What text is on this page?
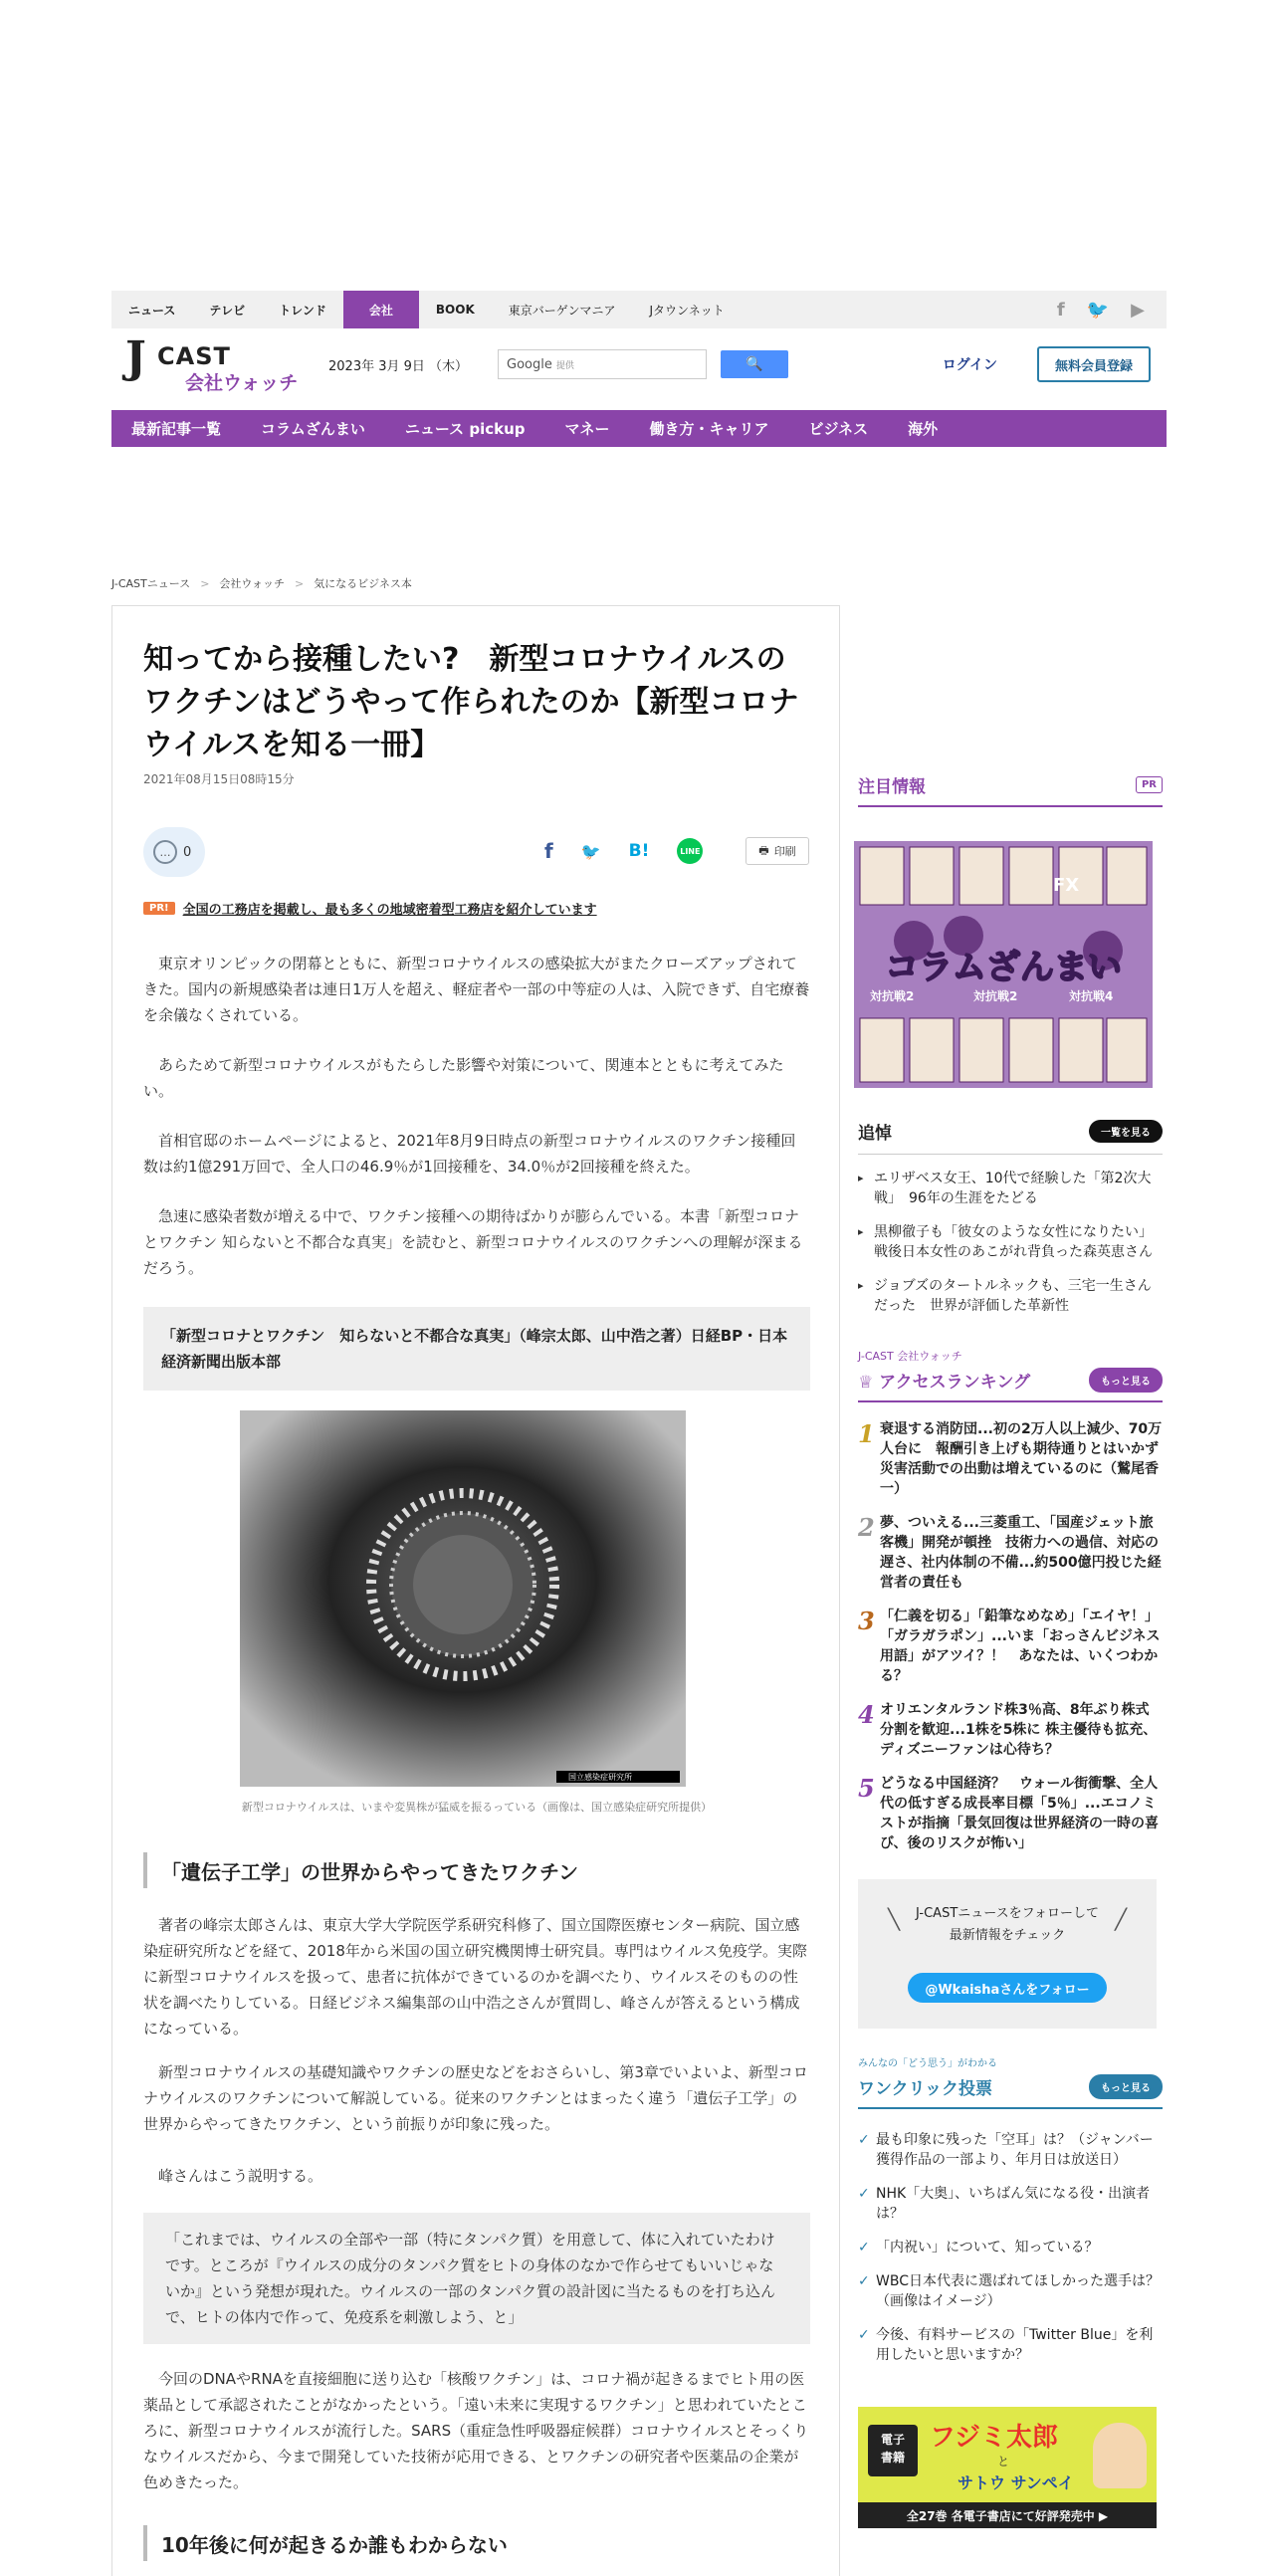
ニュース	テレビ	トレンド	会社	BOOK	東京バーゲンマニア	Jタウンネット	f 🐦 ▶
J CAST
会社ウォッチ
2023年 3月 9日 （木）	Google 提供	🔍	ログイン	無料会員登録
最新記事一覧	コラムざんまい	ニュース pickup	マネー	働き方・キャリア	ビジネス	海外
J-CASTニュース > 会社ウォッチ > 気になるビジネス本
知ってから接種したい?　新型コロナウイルスのワクチンはどうやって作られたのか【新型コロナウイルスを知る一冊】
2021年08月15日08時15分
… 0	f 🐦 B!	LINE	🖶 印刷
PR!	全国の工務店を掲載し、最も多くの地域密着型工務店を紹介しています

　東京オリンピックの閉幕とともに、新型コロナウイルスの感染拡大がまたクローズアップされてきた。国内の新規感染者は連日1万人を超え、軽症者や一部の中等症の人は、入院できず、自宅療養を余儀なくされている。

　あらためて新型コロナウイルスがもたらした影響や対策について、関連本とともに考えてみたい。

　首相官邸のホームページによると、2021年8月9日時点の新型コロナウイルスのワクチン接種回数は約1億291万回で、全人口の46.9％が1回接種を、34.0％が2回接種を終えた。

　急速に感染者数が増える中で、ワクチン接種への期待ばかりが膨らんでいる。本書「新型コロナとワクチン 知らないと不都合な真実」を読むと、新型コロナウイルスのワクチンへの理解が深まるだろう。

「新型コロナとワクチン　知らないと不都合な真実」（峰宗太郎、山中浩之著）日経BP・日本経済新聞出版本部
国立感染症研究所
新型コロナウイルスは、いまや変異株が猛威を振るっている（画像は、国立感染症研究所提供）
「遺伝子工学」の世界からやってきたワクチン

　著者の峰宗太郎さんは、東京大学大学院医学系研究科修了、国立国際医療センター病院、国立感染症研究所などを経て、2018年から米国の国立研究機関博士研究員。専門はウイルス免疫学。実際に新型コロナウイルスを扱って、患者に抗体ができているのかを調べたり、ウイルスそのものの性状を調べたりしている。日経ビジネス編集部の山中浩之さんが質問し、峰さんが答えるという構成になっている。

　新型コロナウイルスの基礎知識やワクチンの歴史などをおさらいし、第3章でいよいよ、新型コロナウイルスのワクチンについて解説している。従来のワクチンとはまったく違う「遺伝子工学」の世界からやってきたワクチン、という前振りが印象に残った。

　峰さんはこう説明する。

「これまでは、ウイルスの全部や一部（特にタンパク質）を用意して、体に入れていたわけです。ところが『ウイルスの成分のタンパク質をヒトの身体のなかで作らせてもいいじゃないか』という発想が現れた。ウイルスの一部のタンパク質の設計図に当たるものを打ち込んで、ヒトの体内で作って、免疫系を刺激しよう、と」

　今回のDNAやRNAを直接細胞に送り込む「核酸ワクチン」は、コロナ禍が起きるまでヒト用の医薬品として承認されたことがなかったという。「遠い未来に実現するワクチン」と思われていたところに、新型コロナウイルスが流行した。SARS（重症急性呼吸器症候群）コロナウイルスとそっくりなウイルスだから、今まで開発していた技術が応用できる、とワクチンの研究者や医薬品の企業が色めきたった。

10年後に何が起きるか誰もわからない
注目情報	PR
FX
対抗戦2	対抗戦2	対抗戦4
コラムざんまい
追悼	一覧を見る
▸ エリザベス女王、10代で経験した「第2次大戦」　96年の生涯をたどる
▸ 黒柳徹子も「彼女のような女性になりたい」戦後日本女性のあこがれ背負った森英恵さん
▸ ジョブズのタートルネックも、三宅一生さんだった　世界が評価した革新性
J-CAST 会社ウォッチ
♕ アクセスランキング	もっと見る
1 衰退する消防団...初の2万人以上減少、70万人台に　報酬引き上げも期待通りとはいかず　災害活動での出動は増えているのに（鷲尾香一）
2 夢、ついえる...三菱重工、「国産ジェット旅客機」開発が頓挫　技術力への過信、対応の遅さ、社内体制の不備...約500億円投じた経営者の責任も
3 「仁義を切る」「鉛筆なめなめ」「エイヤ！」「ガラガラポン」...いま「おっさんビジネス用語」がアツイ？！　あなたは、いくつわかる？
4 オリエンタルランド株3％高、8年ぶり株式分割を歓迎...1株を5株に 株主優待も拡充、ディズニーファンは心待ち？
5 どうなる中国経済？　ウォール街衝撃、全人代の低すぎる成長率目標「5％」...エコノミストが指摘「景気回復は世界経済の一時の喜び、後のリスクが怖い」
╲	╱
J-CASTニュースをフォローして
最新情報をチェック
@Wkaishaさんをフォロー
みんなの「どう思う」がわかる
ワンクリック投票	もっと見る
✓ 最も印象に残った「空耳」は？（ジャンバー獲得作品の一部より、年月日は放送日）
✓ NHK「大奥」、いちばん気になる役・出演者は？
✓ 「内祝い」について、知っている？
✓ WBC日本代表に選ばれてほしかった選手は？（画像はイメージ）
✓ 今後、有料サービスの「Twitter Blue」を利用したいと思いますか？
電子
書籍
フジミ太郎
と
サトウ サンペイ
全27巻 各電子書店にて好評発売中 ▶
